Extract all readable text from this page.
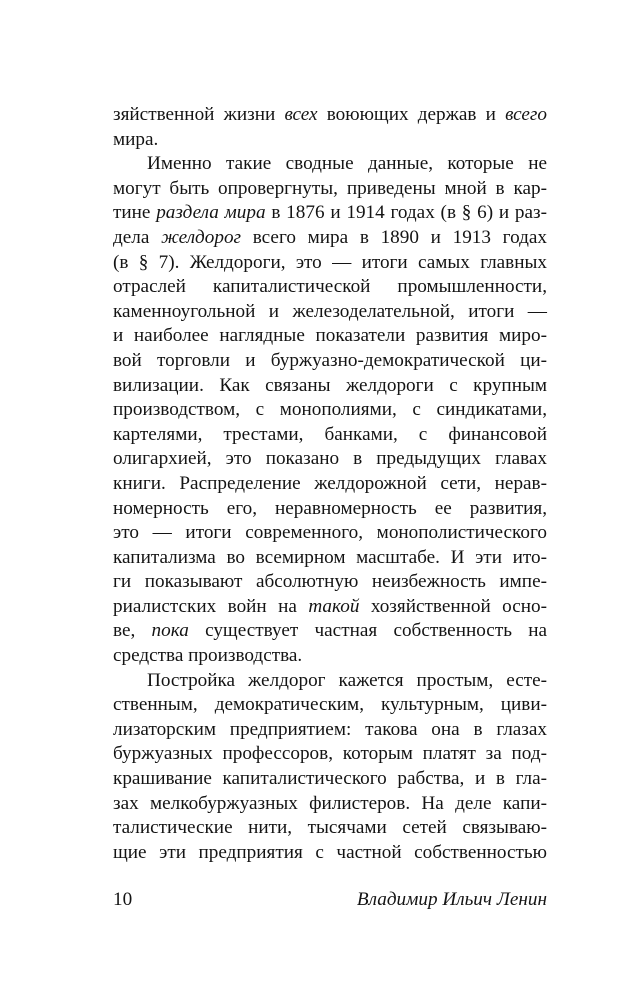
зяйственной жизни всех воюющих держав и всего
мира.
Именно такие сводные данные, которые не
могут быть опровергнуты, приведены мной в кар-
тине раздела мира в 1876 и 1914 годах (в § 6) и раз-
дела желдорог всего мира в 1890 и 1913 годах
(в § 7). Желдороги, это — итоги самых главных
отраслей капиталистической промышленности,
каменноугольной и железоделательной, итоги —
и наиболее наглядные показатели развития миро-
вой торговли и буржуазно-демократической ци-
вилизации. Как связаны желдороги с крупным
производством, с монополиями, с синдикатами,
картелями, трестами, банками, с финансовой
олигархией, это показано в предыдущих главах
книги. Распределение желдорожной сети, нерав-
номерность его, неравномерность ее развития,
это — итоги современного, монополистического
капитализма во всемирном масштабе. И эти ито-
ги показывают абсолютную неизбежность импе-
риалистских войн на такой хозяйственной осно-
ве, пока существует частная собственность на
средства производства.
Постройка желдорог кажется простым, есте-
ственным, демократическим, культурным, циви-
лизаторским предприятием: такова она в глазах
буржуазных профессоров, которым платят за под-
крашивание капиталистического рабства, и в гла-
зах мелкобуржуазных филистеров. На деле капи-
талистические нити, тысячами сетей связываю-
щие эти предприятия с частной собственностью
10	Владимир Ильич Ленин
